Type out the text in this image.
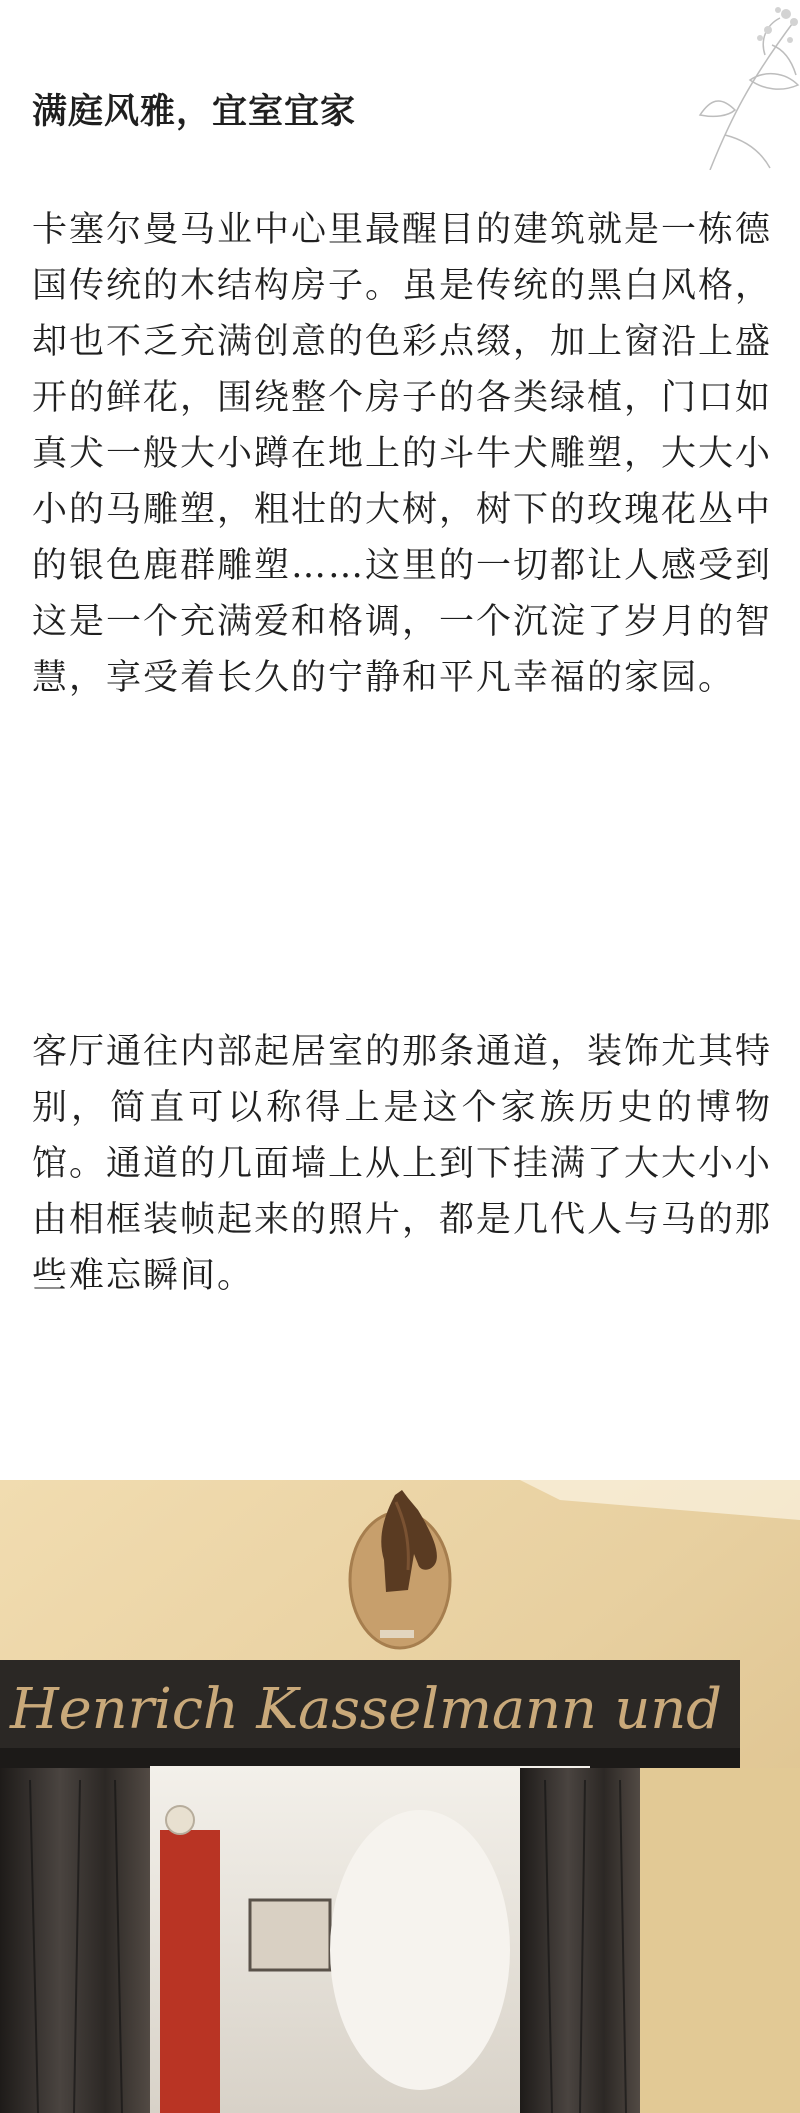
满庭风雅，宜室宜家

卡塞尔曼马业中心里最醒目的建筑就是一栋德国传统的木结构房子。虽是传统的黑白风格，却也不乏充满创意的色彩点缀，加上窗沿上盛开的鲜花，围绕整个房子的各类绿植，门口如真犬一般大小蹲在地上的斗牛犬雕塑，大大小小的马雕塑，粗壮的大树，树下的玫瑰花丛中的银色鹿群雕塑……这里的一切都让人感受到这是一个充满爱和格调，一个沉淀了岁月的智慧，享受着长久的宁静和平凡幸福的家园。

客厅通往内部起居室的那条通道，装饰尤其特别，简直可以称得上是这个家族历史的博物馆。通道的几面墙上从上到下挂满了大大小小由相框装帧起来的照片，都是几代人与马的那些难忘瞬间。

Henrich Kasselmann und
